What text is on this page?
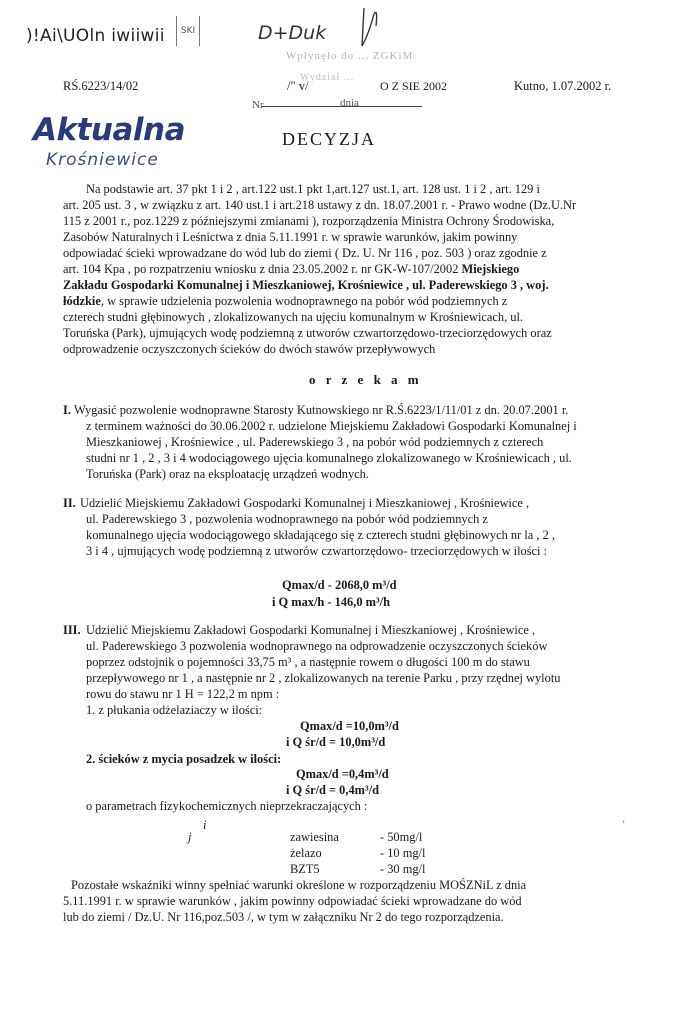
)!Ai\UOln iwiiwii	SKI	D+Duk
Wpłynęło do ... ZGKiM
Wydział ...
RŚ.6223/14/02	/" v/	O Z SIE 2002	Kutno, 1.07.2002 r.
Nr	dnia
Aktualna
Krośniewice
DECYZJA
Na podstawie art. 37 pkt 1 i 2 , art.122 ust.1 pkt 1,art.127 ust.1, art. 128 ust. 1 i 2 , art. 129 i
art. 205 ust. 3 , w związku z art. 140 ust.1 i art.218 ustawy z dn. 18.07.2001 r. - Prawo wodne (Dz.U.Nr
115 z 2001 r., poz.1229 z późniejszymi zmianami ), rozporządzenia Ministra Ochrony Środowiska,
Zasobów Naturalnych i Leśnictwa z dnia 5.11.1991 r. w sprawie warunków, jakim powinny
odpowiadać ścieki wprowadzane do wód lub do ziemi ( Dz. U. Nr 116 , poz. 503 ) oraz zgodnie z
art. 104 Kpa , po rozpatrzeniu wniosku z dnia 23.05.2002 r. nr GK-W-107/2002 Miejskiego
Zakładu Gospodarki Komunalnej i Mieszkaniowej, Krośniewice , ul. Paderewskiego 3 , woj.
łódzkie, w sprawie udzielenia pozwolenia wodnoprawnego na pobór wód podziemnych z
czterech studni głębinowych , zlokalizowanych na ujęciu komunalnym w Krośniewicach, ul.
Toruńska (Park), ujmujących wodę podziemną z utworów czwartorzędowo-trzeciorzędowych oraz
odprowadzenie oczyszczonych ścieków do dwóch stawów przepływowych
o r z e k a m
I. Wygasić pozwolenie wodnoprawne Starosty Kutnowskiego nr R.Ś.6223/1/11/01 z dn. 20.07.2001 r.
z terminem ważności do 30.06.2002 r. udzielone Miejskiemu Zakładowi Gospodarki Komunalnej i
Mieszkaniowej , Krośniewice , ul. Paderewskiego 3 , na pobór wód podziemnych z czterech
studni nr 1 , 2 , 3 i 4 wodociągowego ujęcia komunalnego zlokalizowanego w Krośniewicach , ul.
Toruńska (Park) oraz na eksploatację urządzeń wodnych.
II. Udzielić Miejskiemu Zakładowi Gospodarki Komunalnej i Mieszkaniowej , Krośniewice ,
ul. Paderewskiego 3 , pozwolenia wodnoprawnego na pobór wód podziemnych z
komunalnego ujęcia wodociągowego składającego się z czterech studni głębinowych nr la , 2 ,
3 i 4 , ujmujących wodę podziemną z utworów czwartorzędowo- trzeciorzędowych w ilości :
Qmax/d - 2068,0 m³/d
i Q max/h - 146,0 m³/h
III. Udzielić Miejskiemu Zakładowi Gospodarki Komunalnej i Mieszkaniowej , Krośniewice ,
ul. Paderewskiego 3 pozwolenia wodnoprawnego na odprowadzenie oczyszczonych ścieków
poprzez odstojnik o pojemności 33,75 m³ , a następnie rowem o długości 100 m do stawu
przepływowego nr 1 , a następnie nr 2 , zlokalizowanych na terenie Parku , przy rzędnej wylotu
rowu do stawu nr 1 H = 122,2 m npm :
1. z płukania odżelaziaczy w ilości:
Qmax/d =10,0m³/d
i Q śr/d = 10,0m³/d
2. ścieków z mycia posadzek w ilości:
Qmax/d =0,4m³/d
i Q śr/d = 0,4m³/d
o parametrach fizykochemicznych nieprzekraczających :
i
j
,
zawiesina	- 50mg/l
żelazo	- 10 mg/l
BZT5	- 30 mg/l
Pozostałe wskaźniki winny spełniać warunki określone w rozporządzeniu MOŚZNiL z dnia
5.11.1991 r. w sprawie warunków , jakim powinny odpowiadać ścieki wprowadzane do wód
lub do ziemi / Dz.U. Nr 116,poz.503 /, w tym w załączniku Nr 2 do tego rozporządzenia.
